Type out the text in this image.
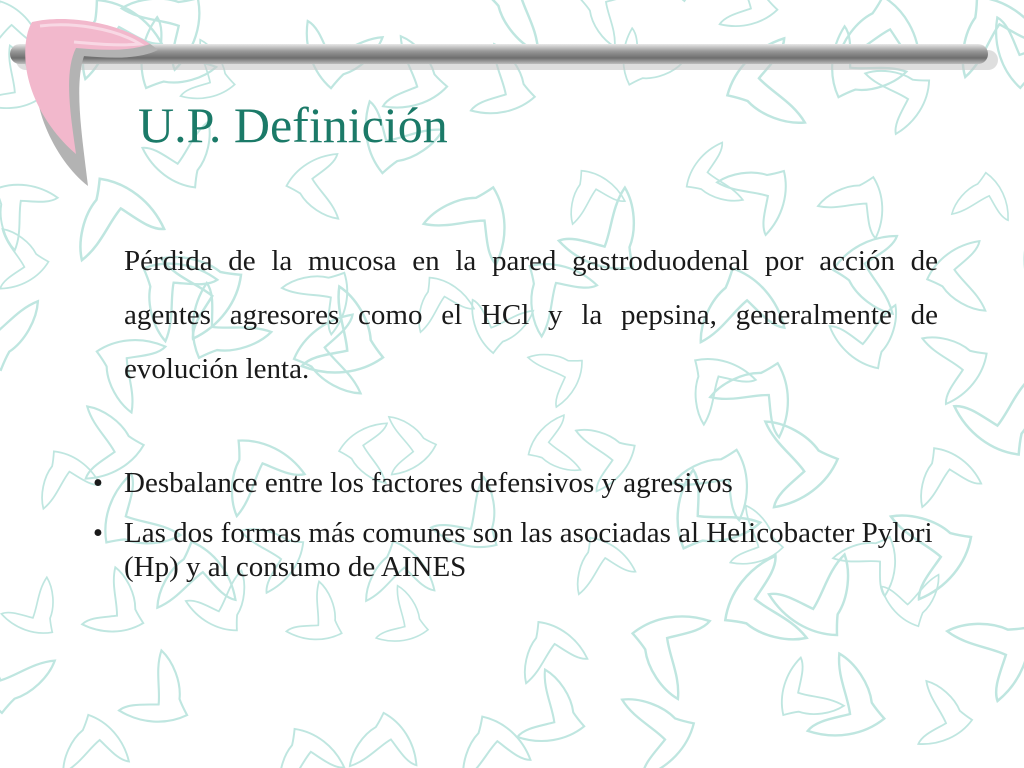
U.P. Definición

Pérdida de la mucosa en la pared gastroduodenal por acción de agentes agresores como el HCl y la pepsina, generalmente de evolución lenta.

• Desbalance entre los factores defensivos y agresivos
• Las dos formas más comunes son las asociadas al Helicobacter Pylori (Hp) y al consumo de AINES
